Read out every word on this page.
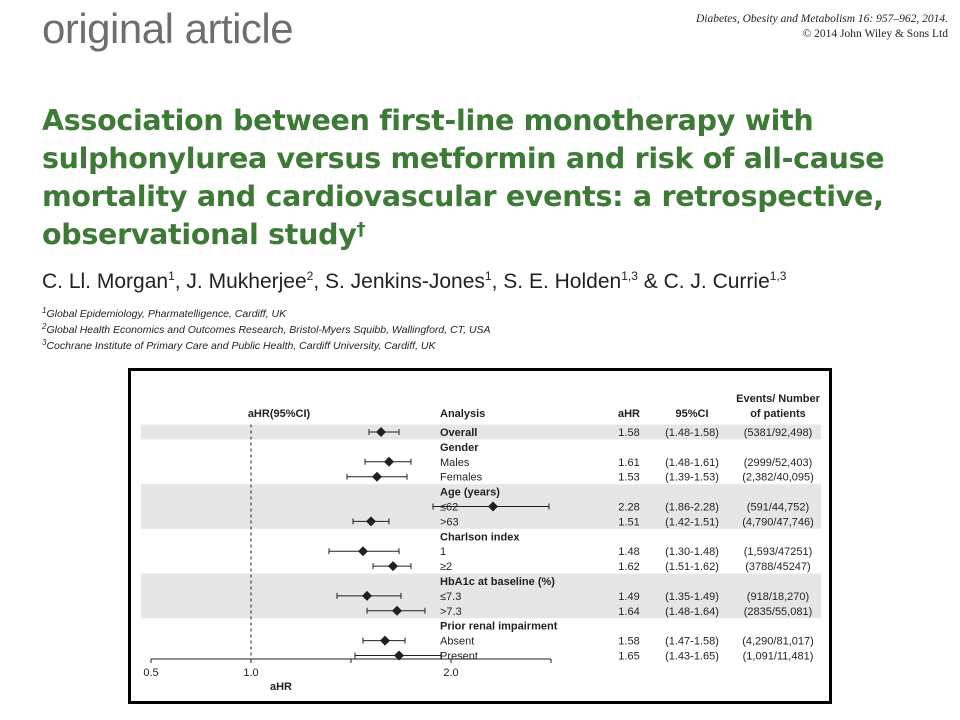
original article	Diabetes, Obesity and Metabolism 16: 957–962, 2014.
© 2014 John Wiley & Sons Ltd
Association between first-line monotherapy with
sulphonylurea versus metformin and risk of all-cause
mortality and cardiovascular events: a retrospective,
observational study†
C. Ll. Morgan$^1$, J. Mukherjee$^2$, S. Jenkins-Jones$^1$, S. E. Holden$^{1,3}$ & C. J. Currie$^{1,3}$
$^1$Global Epidemiology, Pharmatelligence, Cardiff, UK
$^2$Global Health Economics and Outcomes Research, Bristol-Myers Squibb, Wallingford, CT, USA
$^3$Cochrane Institute of Primary Care and Public Health, Cardiff University, Cardiff, UK
aHR(95%CI)	Analysis	aHR	95%CI
Events/ Number
of patients
Overall	1.58 (1.48-1.58) (5381/92,498)
Gender
Males	1.61 (1.48-1.61) (2999/52,403)
Females	1.53 (1.39-1.53) (2,382/40,095)
Age (years)
≤62	2.28 (1.86-2.28)	(591/44,752)
>63	1.51 (1.42-1.51) (4,790/47,746)
Charlson index
1	1.48 (1.30-1.48) (1,593/47251)
≥2	1.62 (1.51-1.62) (3788/45247)
HbA1c at baseline (%)
≤7.3	1.49 (1.35-1.49)	(918/18,270)
>7.3	1.64 (1.48-1.64) (2835/55,081)
Prior renal impairment
Absent	1.58 (1.47-1.58) (4,290/81,017)
Present	1.65 (1.43-1.65) (1,091/11,481)
0.5	1.0	2.0
aHR
